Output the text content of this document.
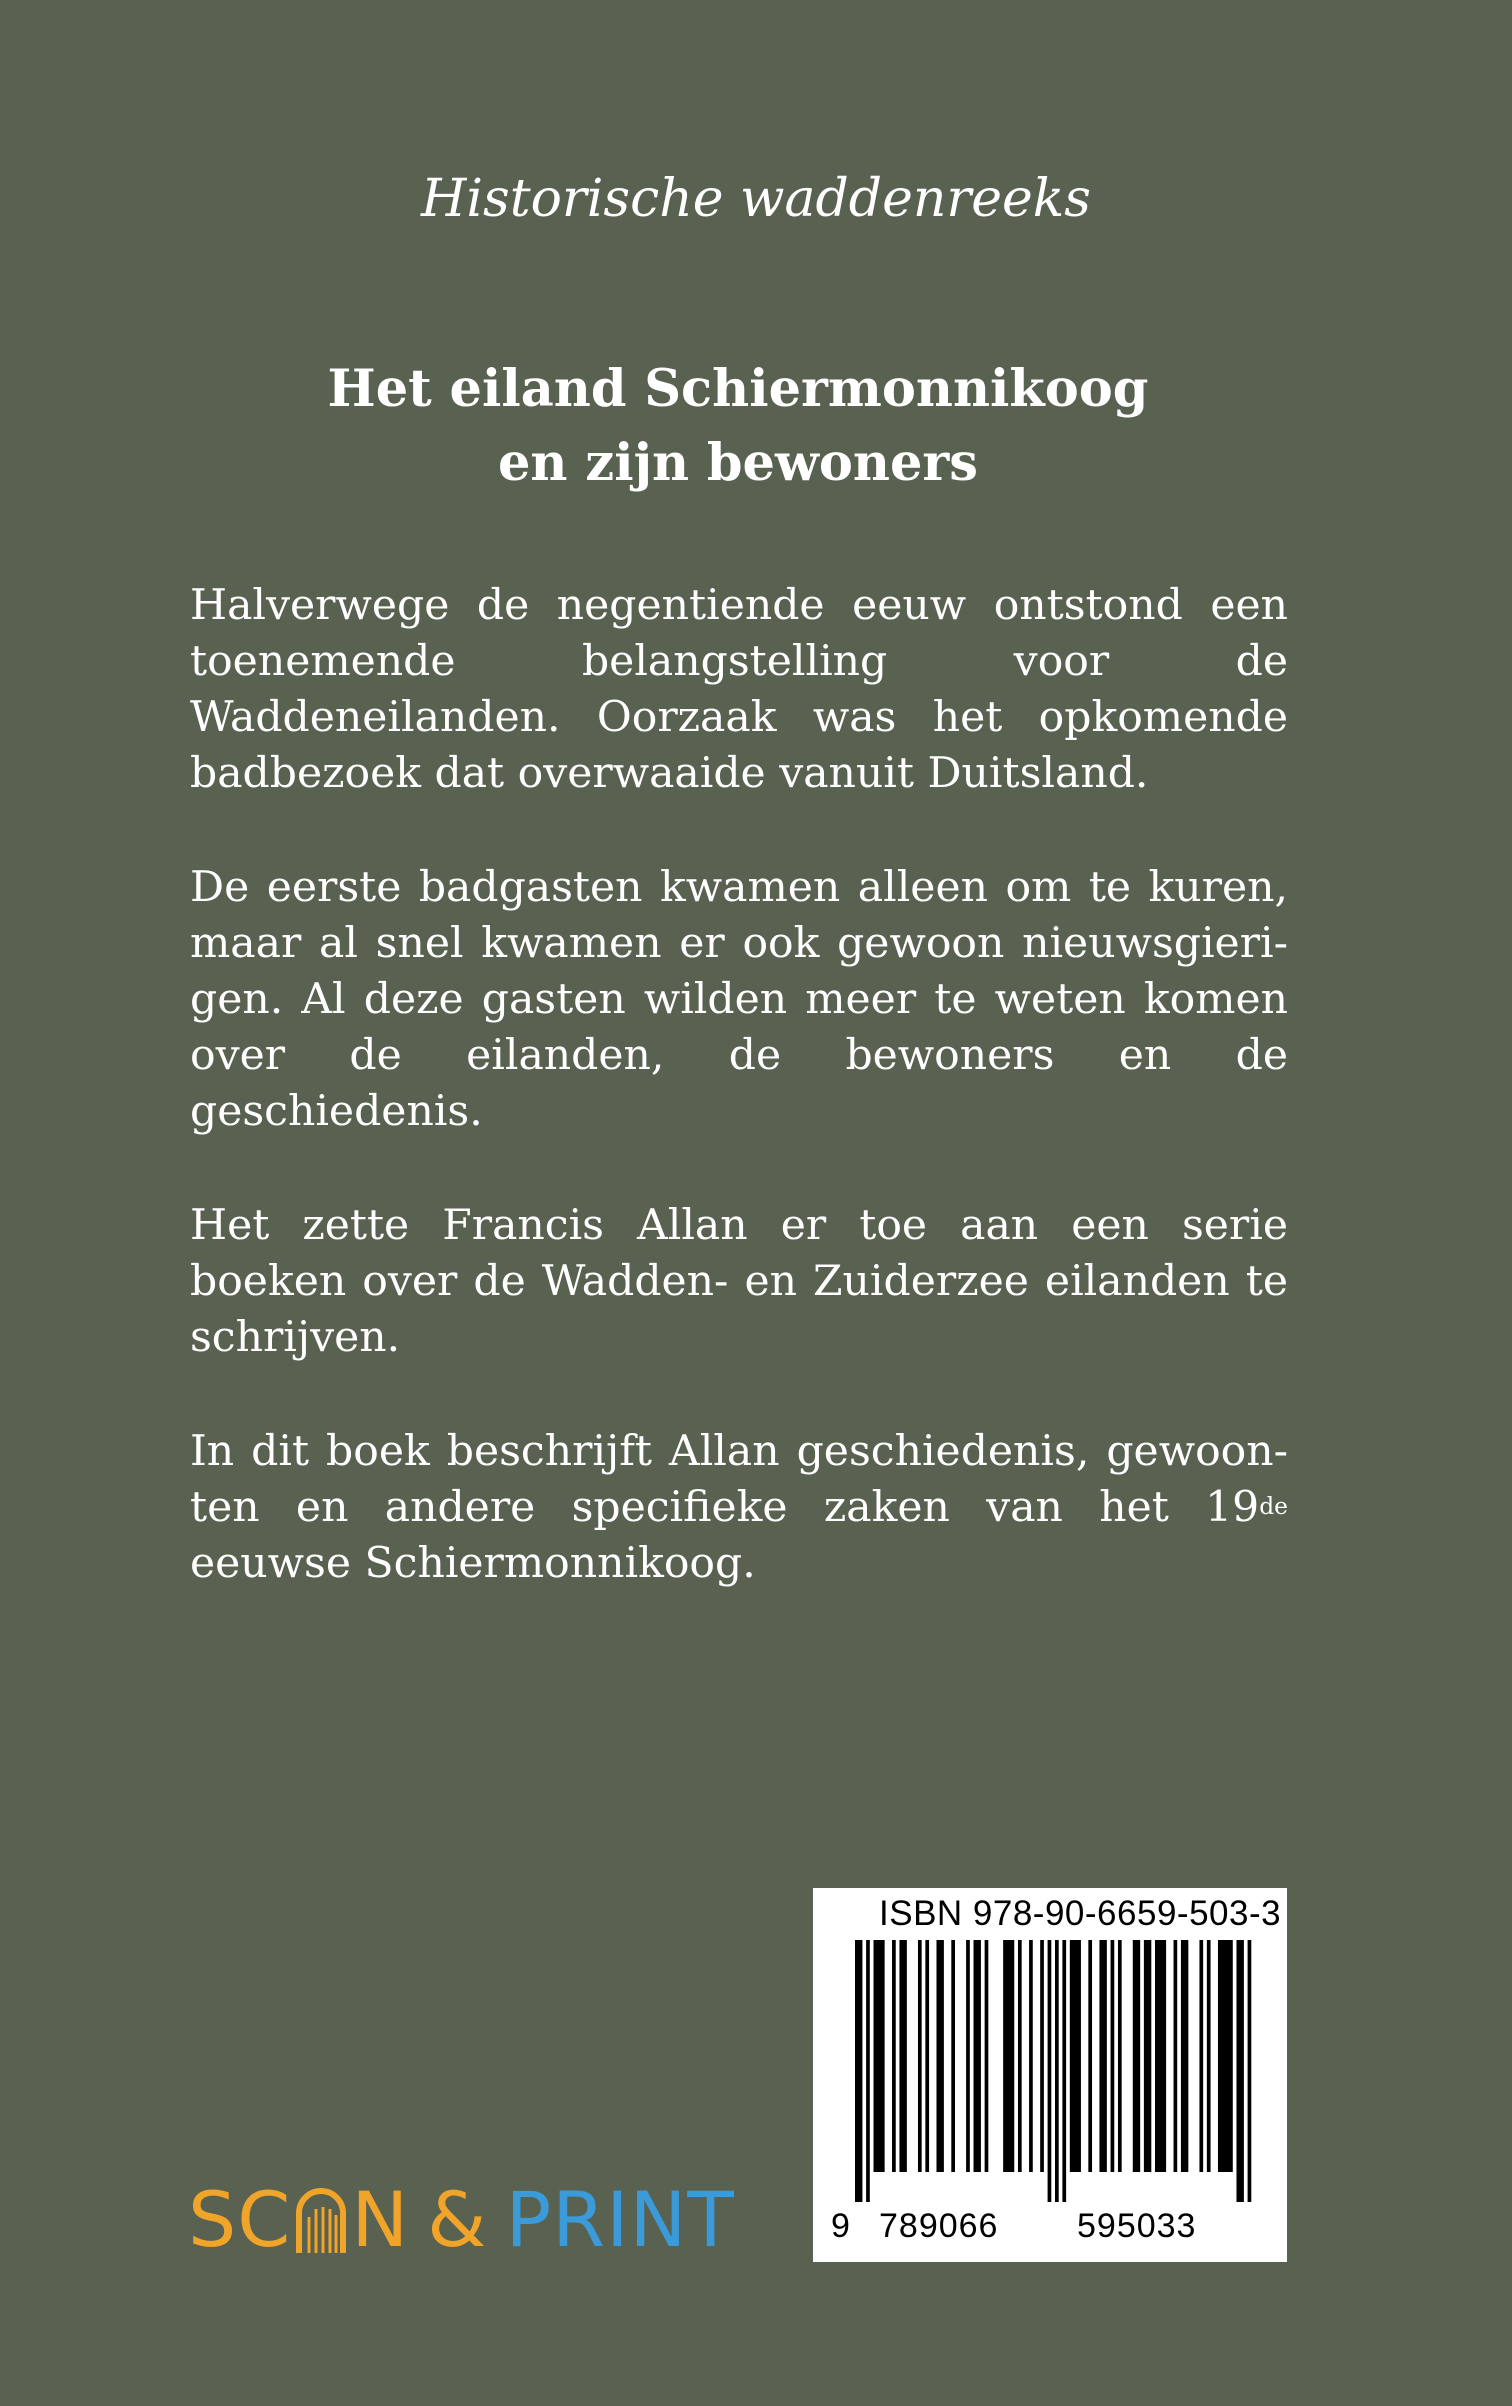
Historische waddenreeks
Het eiland Schiermonnikoog
en zijn bewoners

Halverwege de negentiende eeuw ontstond een toenemende belangstelling voor de Waddeneilanden. Oorzaak was het opkomende badbezoek dat overwaaide vanuit Duitsland.

De eerste badgasten kwamen alleen om te kuren, maar al snel kwamen er ook gewoon nieuwsgierigen. Al deze gasten wilden meer te weten komen over de eilanden, de bewoners en de geschiedenis.

Het zette Francis Allan er toe aan een serie boeken over de Wadden- en Zuiderzee eilanden te schrijven.

In dit boek beschrijft Allan geschiedenis, gewoonten en andere specifieke zaken van het 19de eeuwse Schiermonnikoog.

SC N & PRINT
ISBN 978-90-6659-503-3
9 789066 595033
